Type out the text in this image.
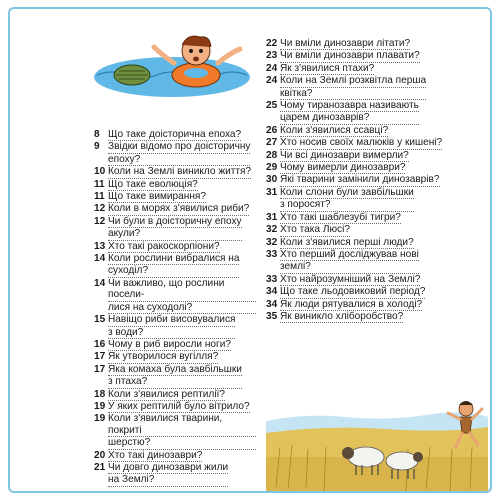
8 Що таке доісторична епоха?
9 Звідки відомо про доісторичну
епоху?
10 Коли на Землі виникло життя?
11 Що таке еволюція?
11 Що таке вимирання?
12 Коли в морях з'явилися риби?
12 Чи були в доісторичну епоху
акули?
13 Хто такі ракоскорпіони?
14 Коли рослини вибралися на
суходіл?
14 Чи важливо, що рослини посели-
лися на суходолі?
15 Навіщо риби висовувалися
з води?
16 Чому в риб виросли ноги?
17 Як утворилося вугілля?
17 Яка комаха була завбільшки
з птаха?
18 Коли з'явилися рептилії?
19 У яких рептилій було вітрило?
19 Коли з'явилися тварини, покриті
шерстю?
20 Хто такі динозаври?
21 Чи довго динозаври жили
на Землі?
22 Чи вміли динозаври літати?
23 Чи вміли динозаври плавати?
24 Як з'явилися птахи?
24 Коли на Землі розквітла перша
квітка?
25 Чому тиранозавра називають
царем динозаврів?
26 Коли з'явилися ссавці?
27 Хто носив своїх малюків у кишені?
28 Чи всі динозаври вимерли?
29 Чому вимерли динозаври?
30 Які тварини замінили динозаврів?
31 Коли слони були завбільшки
з поросят?
31 Хто такі шаблезубі тигри?
32 Хто така Люсі?
32 Коли з'явилися перші люди?
33 Хто перший досліджував нові
землі?
33 Хто найрозумніший на Землі?
34 Що таке льодовиковий період?
34 Як люди рятувалися в холоді?
35 Як виникло хліборобство?
